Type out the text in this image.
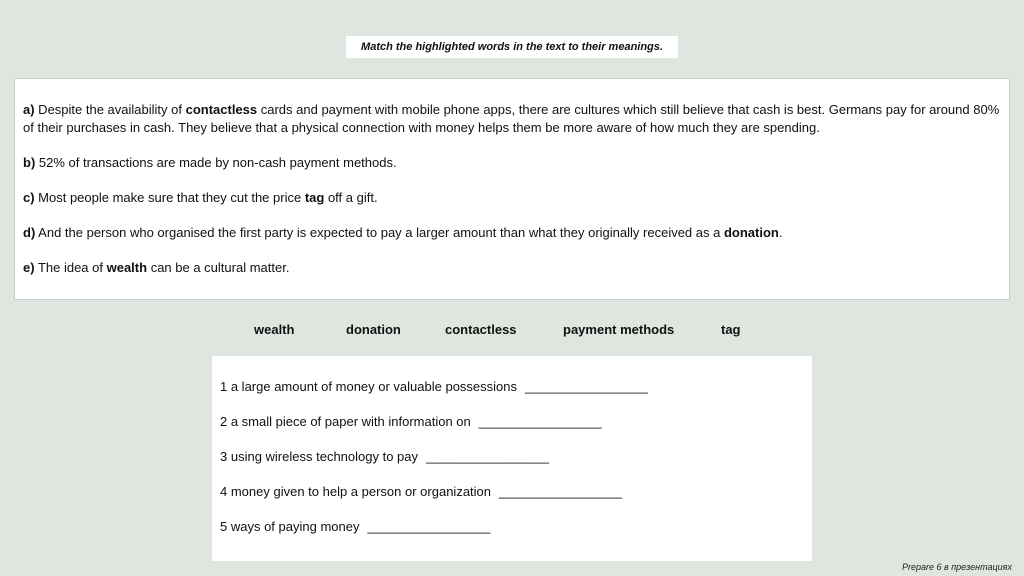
Match the highlighted words in the text to their meanings.

a) Despite the availability of contactless cards and payment with mobile phone apps, there are cultures which still believe that cash is best. Germans pay for around 80% of their purchases in cash. They believe that a physical connection with money helps them be more aware of how much they are spending.

b) 52% of transactions are made by non-cash payment methods.

c) Most people make sure that they cut the price tag off a gift.

d) And the person who organised the first party is expected to pay a larger amount than what they originally received as a donation.

e) The idea of wealth can be a cultural matter.

wealth	donation	contactless	payment methods	tag

1 a large amount of money or valuable possessions _________________

2 a small piece of paper with information on _________________

3 using wireless technology to pay _________________

4 money given to help a person or organization _________________

5 ways of paying money _________________

Prepare 6 в презентациях
